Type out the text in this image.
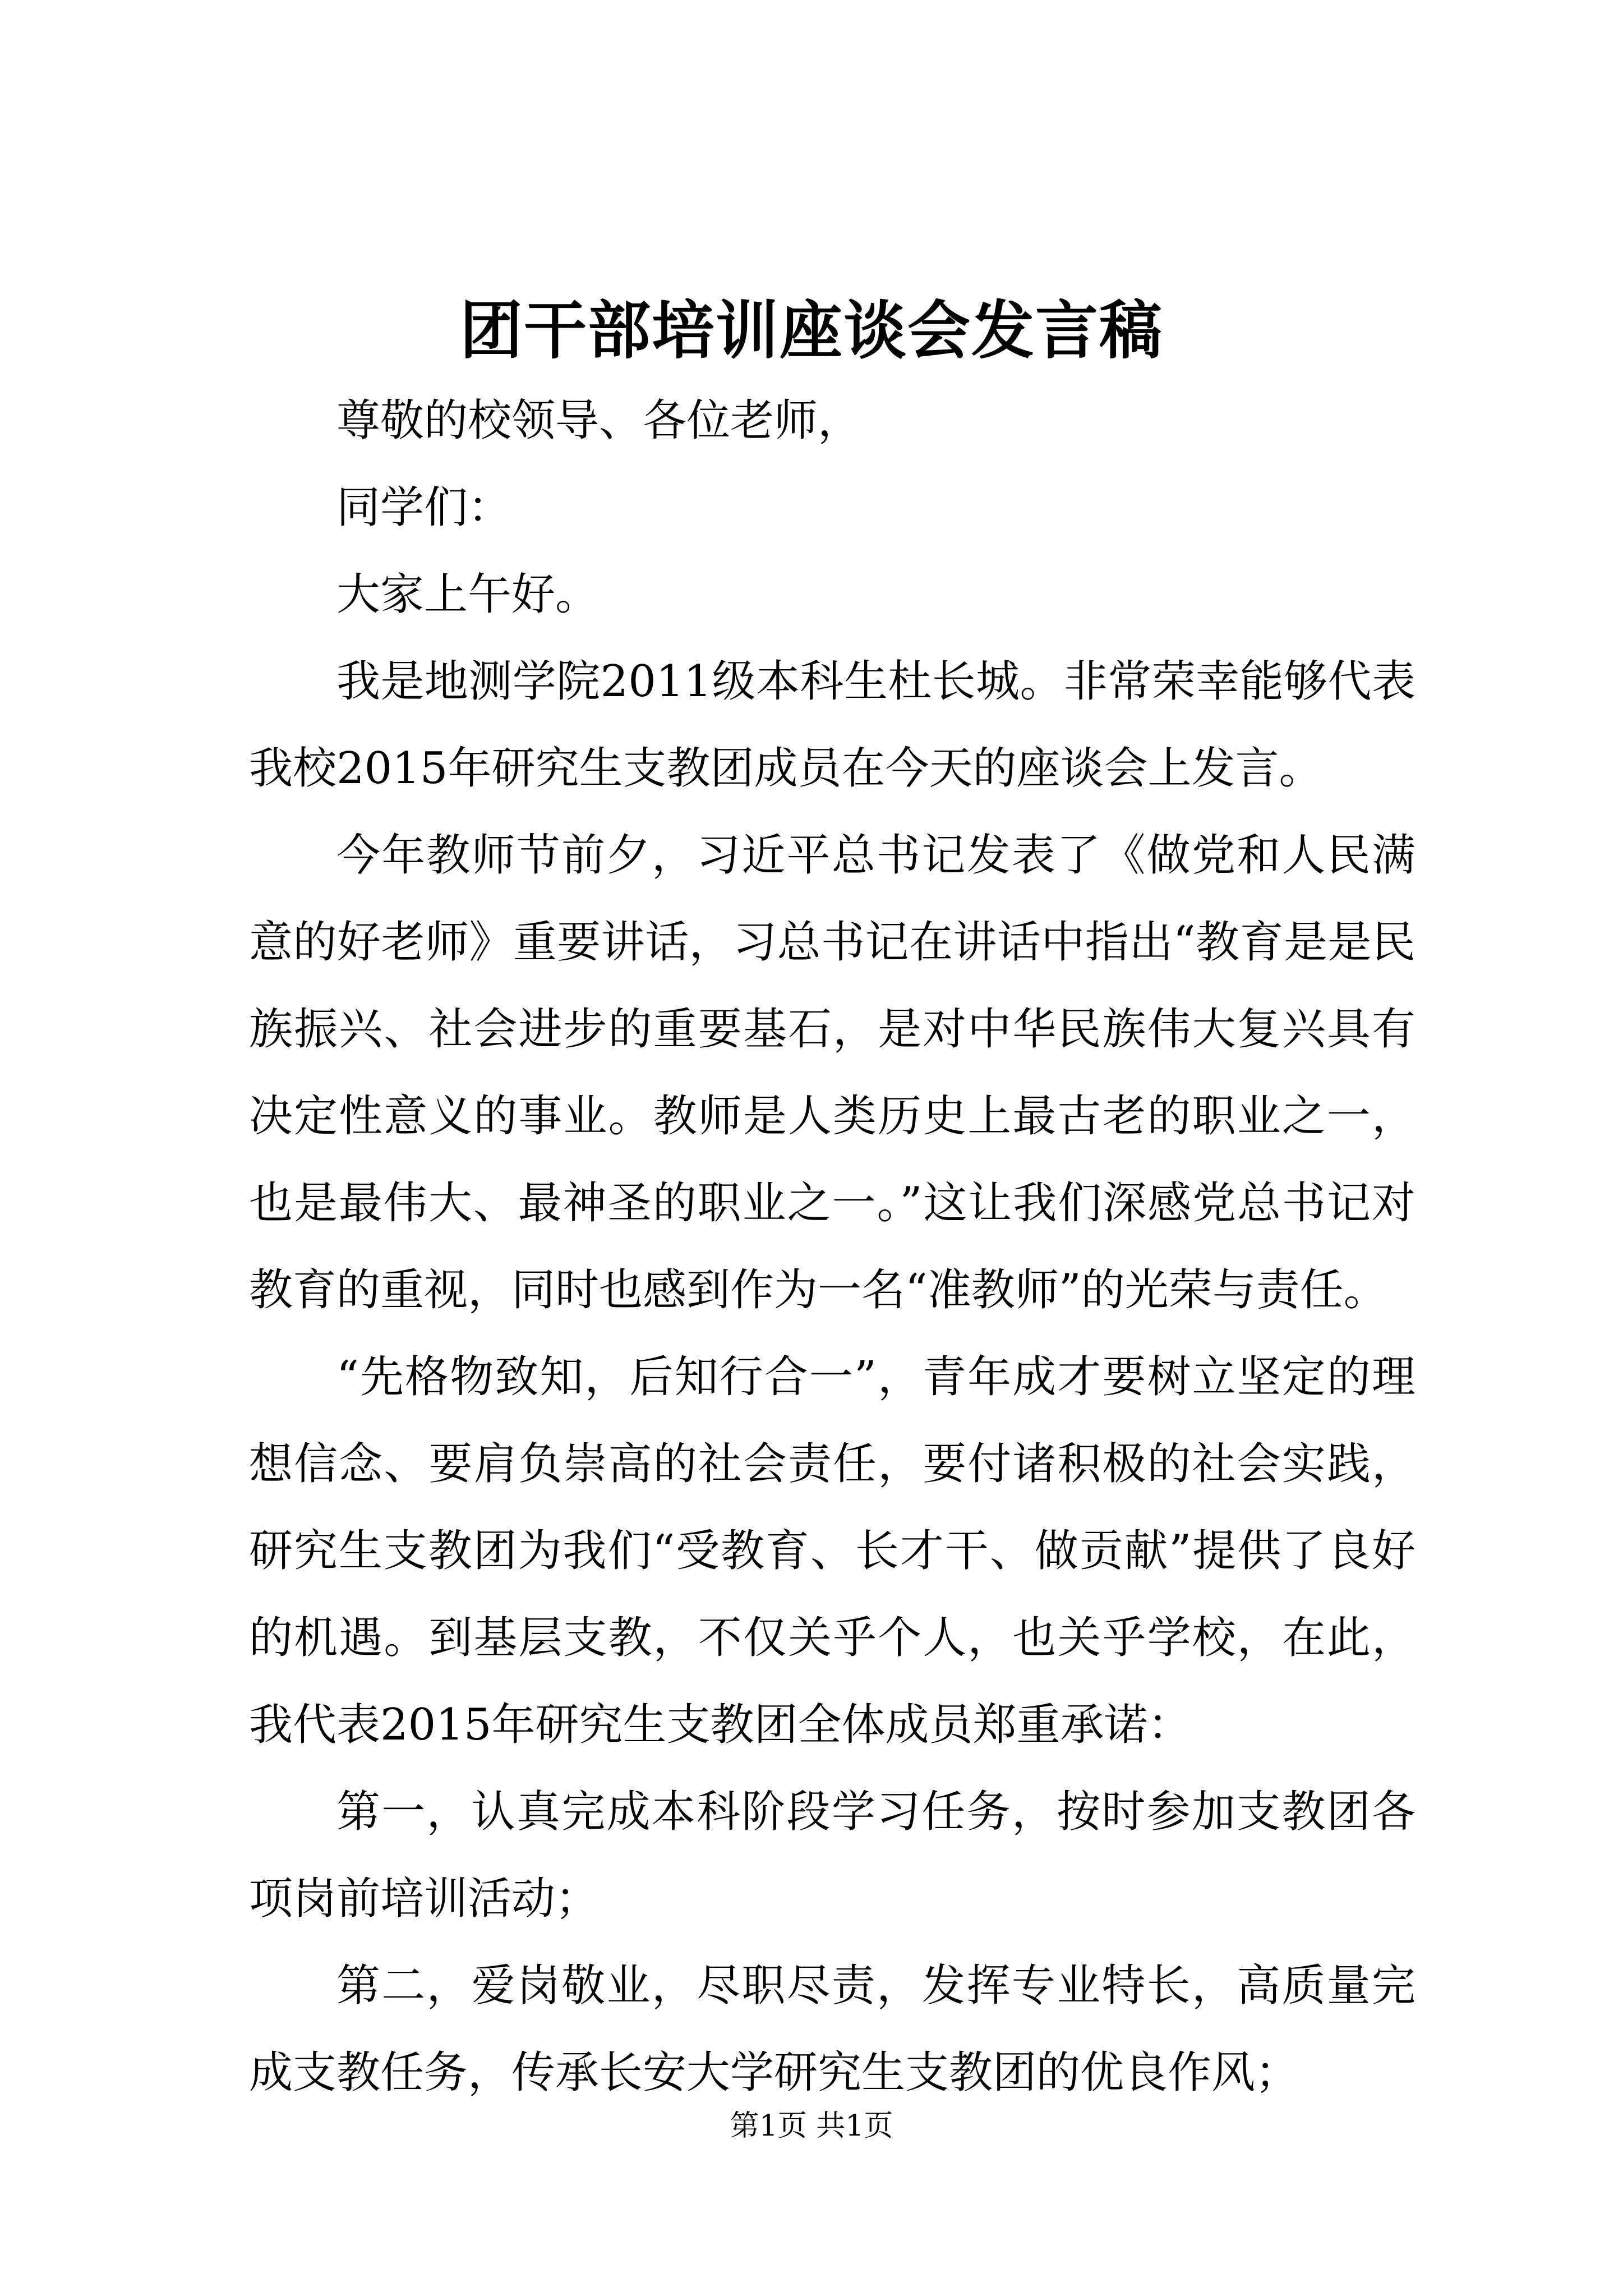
团干部培训座谈会发言稿

尊敬的校领导、各位老师，

同学们：

大家上午好。

我是地测学院2011级本科生杜长城。非常荣幸能够代表我校2015年研究生支教团成员在今天的座谈会上发言。

今年教师节前夕，习近平总书记发表了《做党和人民满意的好老师》重要讲话，习总书记在讲话中指出“教育是是民族振兴、社会进步的重要基石，是对中华民族伟大复兴具有决定性意义的事业。教师是人类历史上最古老的职业之一，也是最伟大、最神圣的职业之一。”这让我们深感党总书记对教育的重视，同时也感到作为一名“准教师”的光荣与责任。

“先格物致知，后知行合一”，青年成才要树立坚定的理想信念、要肩负崇高的社会责任，要付诸积极的社会实践，研究生支教团为我们“受教育、长才干、做贡献”提供了良好的机遇。到基层支教，不仅关乎个人，也关乎学校，在此，我代表2015年研究生支教团全体成员郑重承诺：

第一，认真完成本科阶段学习任务，按时参加支教团各项岗前培训活动；

第二，爱岗敬业，尽职尽责，发挥专业特长，高质量完成支教任务，传承长安大学研究生支教团的优良作风；

第1页 共1页
